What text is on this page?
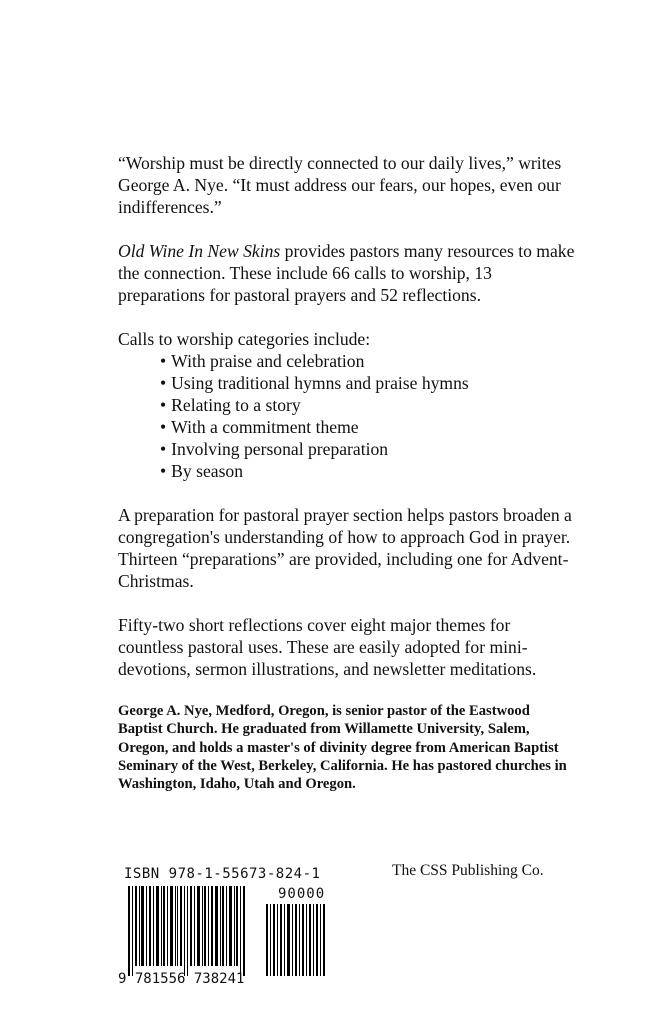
“Worship must be directly connected to our daily lives,” writes George A. Nye. “It must address our fears, our hopes, even our indifferences.”

Old Wine In New Skins provides pastors many resources to make the connection. These include 66 calls to worship, 13 preparations for pastoral prayers and 52 reflections.

Calls to worship categories include:

• With praise and celebration
• Using traditional hymns and praise hymns
• Relating to a story
• With a commitment theme
• Involving personal preparation
• By season

A preparation for pastoral prayer section helps pastors broaden a congregation's understanding of how to approach God in prayer. Thirteen “preparations” are provided, including one for Advent-Christmas.

Fifty-two short reflections cover eight major themes for countless pastoral uses. These are easily adopted for mini-devotions, sermon illustrations, and newsletter meditations.

George A. Nye, Medford, Oregon, is senior pastor of the Eastwood Baptist Church. He graduated from Willamette University, Salem, Oregon, and holds a master's of divinity degree from American Baptist Seminary of the West, Berkeley, California. He has pastored churches in Washington, Idaho, Utah and Oregon.

The CSS Publishing Co.
ISBN 978-1-55673-824-1
90000
9 781556 738241
